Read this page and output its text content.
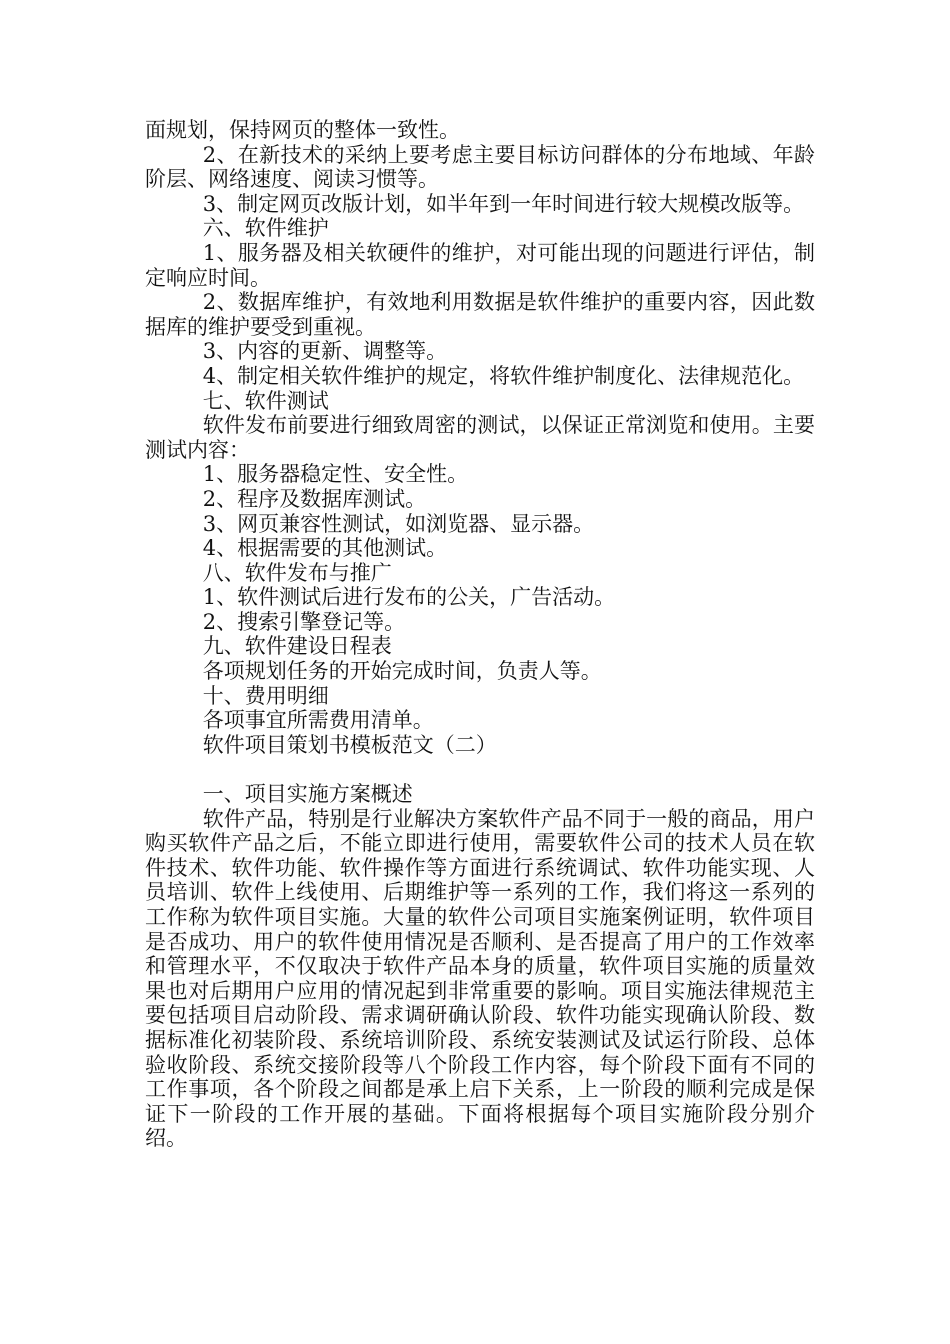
面规划，保持网页的整体一致性。

2、在新技术的采纳上要考虑主要目标访问群体的分布地域、年龄阶层、网络速度、阅读习惯等。

3、制定网页改版计划，如半年到一年时间进行较大规模改版等。

六、软件维护

1、服务器及相关软硬件的维护，对可能出现的问题进行评估，制定响应时间。

2、数据库维护，有效地利用数据是软件维护的重要内容，因此数据库的维护要受到重视。

3、内容的更新、调整等。

4、制定相关软件维护的规定，将软件维护制度化、法律规范化。

七、软件测试

软件发布前要进行细致周密的测试，以保证正常浏览和使用。主要测试内容：

1、服务器稳定性、安全性。

2、程序及数据库测试。

3、网页兼容性测试，如浏览器、显示器。

4、根据需要的其他测试。

八、软件发布与推广

1、软件测试后进行发布的公关，广告活动。

2、搜索引擎登记等。

九、软件建设日程表

各项规划任务的开始完成时间，负责人等。

十、费用明细

各项事宜所需费用清单。

软件项目策划书模板范文（二）

一、项目实施方案概述

软件产品，特别是行业解决方案软件产品不同于一般的商品，用户购买软件产品之后，不能立即进行使用，需要软件公司的技术人员在软件技术、软件功能、软件操作等方面进行系统调试、软件功能实现、人员培训、软件上线使用、后期维护等一系列的工作，我们将这一系列的工作称为软件项目实施。大量的软件公司项目实施案例证明，软件项目是否成功、用户的软件使用情况是否顺利、是否提高了用户的工作效率和管理水平，不仅取决于软件产品本身的质量，软件项目实施的质量效果也对后期用户应用的情况起到非常重要的影响。项目实施法律规范主要包括项目启动阶段、需求调研确认阶段、软件功能实现确认阶段、数据标准化初装阶段、系统培训阶段、系统安装测试及试运行阶段、总体验收阶段、系统交接阶段等八个阶段工作内容，每个阶段下面有不同的工作事项，各个阶段之间都是承上启下关系，上一阶段的顺利完成是保证下一阶段的工作开展的基础。下面将根据每个项目实施阶段分别介绍。
